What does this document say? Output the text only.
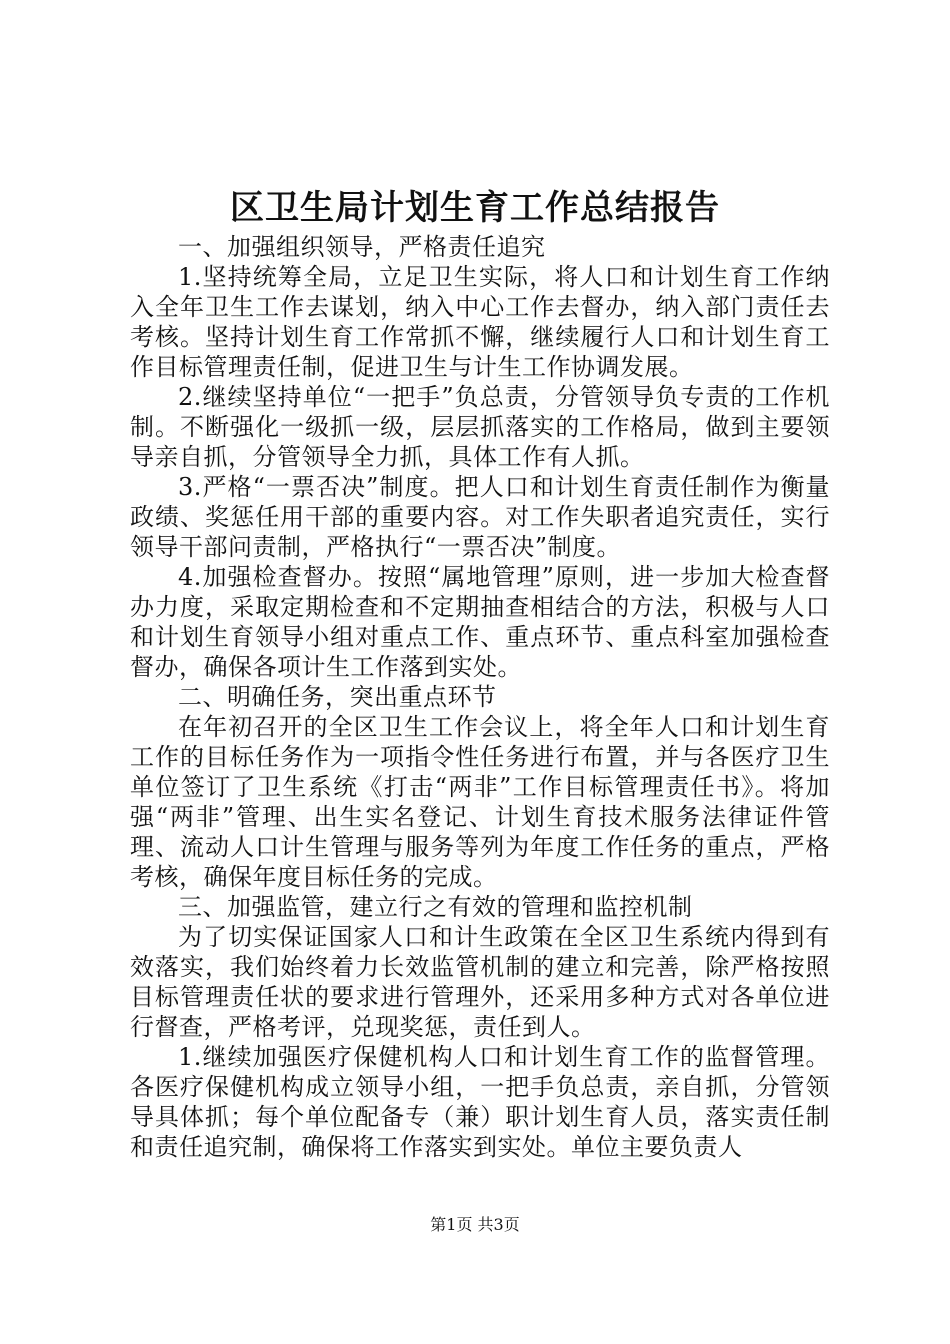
区卫生局计划生育工作总结报告

一、加强组织领导，严格责任追究

1.坚持统筹全局，立足卫生实际，将人口和计划生育工作纳入全年卫生工作去谋划，纳入中心工作去督办，纳入部门责任去考核。坚持计划生育工作常抓不懈，继续履行人口和计划生育工作目标管理责任制，促进卫生与计生工作协调发展。

2.继续坚持单位“一把手”负总责，分管领导负专责的工作机制。不断强化一级抓一级，层层抓落实的工作格局，做到主要领导亲自抓，分管领导全力抓，具体工作有人抓。

3.严格“一票否决”制度。把人口和计划生育责任制作为衡量政绩、奖惩任用干部的重要内容。对工作失职者追究责任，实行领导干部问责制，严格执行“一票否决”制度。

4.加强检查督办。按照“属地管理”原则，进一步加大检查督办力度，采取定期检查和不定期抽查相结合的方法，积极与人口和计划生育领导小组对重点工作、重点环节、重点科室加强检查督办，确保各项计生工作落到实处。

二、明确任务，突出重点环节

在年初召开的全区卫生工作会议上，将全年人口和计划生育工作的目标任务作为一项指令性任务进行布置，并与各医疗卫生单位签订了卫生系统《打击“两非”工作目标管理责任书》。将加强“两非”管理、出生实名登记、计划生育技术服务法律证件管理、流动人口计生管理与服务等列为年度工作任务的重点，严格考核，确保年度目标任务的完成。

三、加强监管，建立行之有效的管理和监控机制

为了切实保证国家人口和计生政策在全区卫生系统内得到有效落实，我们始终着力长效监管机制的建立和完善，除严格按照目标管理责任状的要求进行管理外，还采用多种方式对各单位进行督查，严格考评，兑现奖惩，责任到人。

1.继续加强医疗保健机构人口和计划生育工作的监督管理。各医疗保健机构成立领导小组，一把手负总责，亲自抓，分管领导具体抓；每个单位配备专（兼）职计划生育人员，落实责任制和责任追究制，确保将工作落实到实处。单位主要负责人

第1页 共3页
